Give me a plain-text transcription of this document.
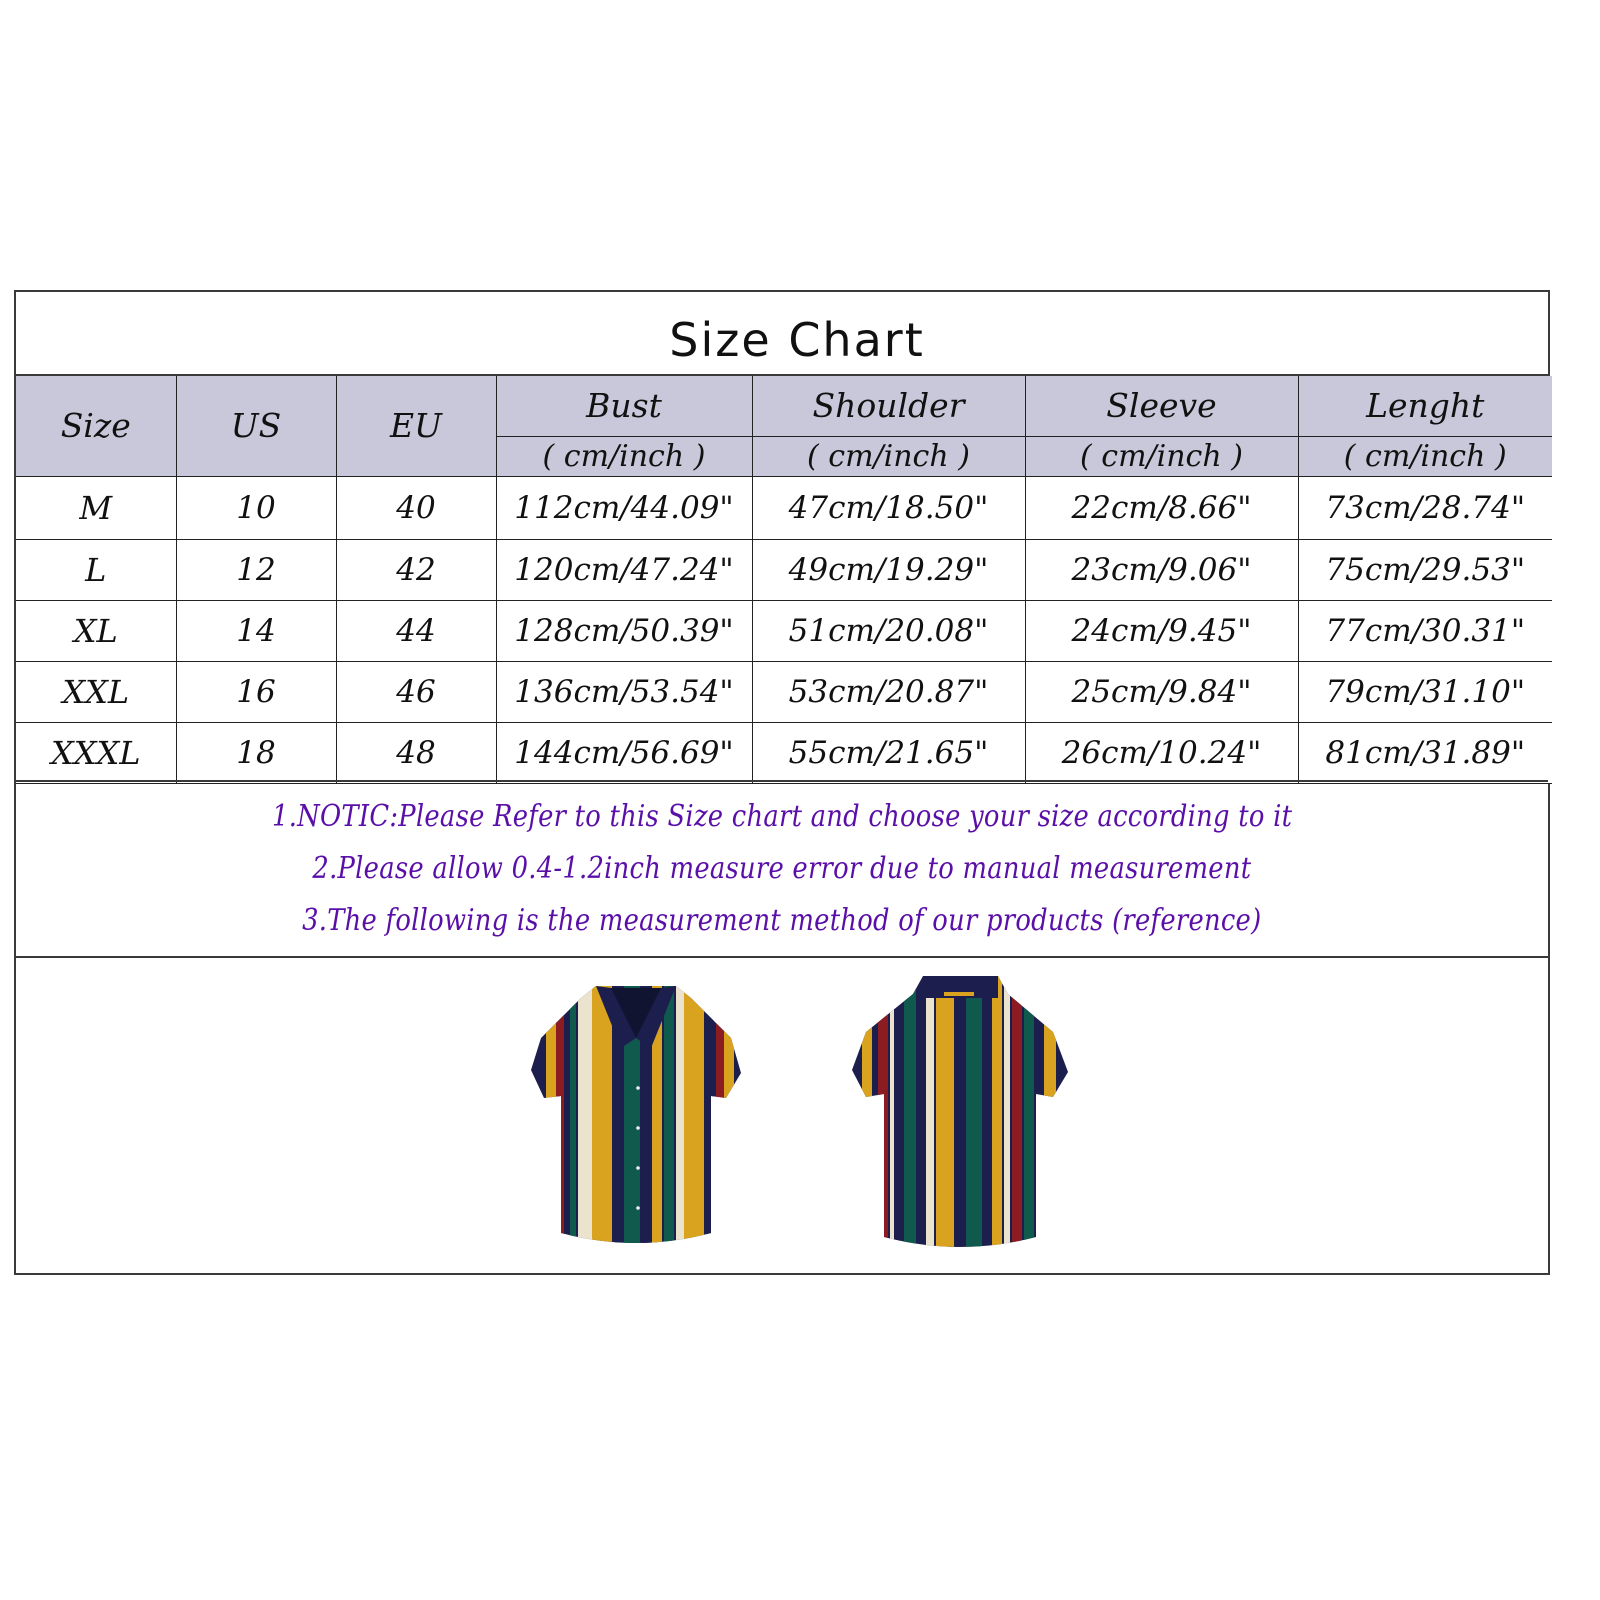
Size Chart
Size	US	EU	Bust	Shoulder	Sleeve	Lenght
			( cm/inch )	( cm/inch )	( cm/inch )	( cm/inch )
M	10	40	112cm/44.09"	47cm/18.50"	22cm/8.66"	73cm/28.74"
L	12	42	120cm/47.24"	49cm/19.29"	23cm/9.06"	75cm/29.53"
XL	14	44	128cm/50.39"	51cm/20.08"	24cm/9.45"	77cm/30.31"
XXL	16	46	136cm/53.54"	53cm/20.87"	25cm/9.84"	79cm/31.10"
XXXL	18	48	144cm/56.69"	55cm/21.65"	26cm/10.24"	81cm/31.89"
1.NOTIC:Please Refer to this Size chart and choose your size according to it
2.Please allow 0.4-1.2inch measure error due to manual measurement
3.The following is the measurement method of our products (reference)
